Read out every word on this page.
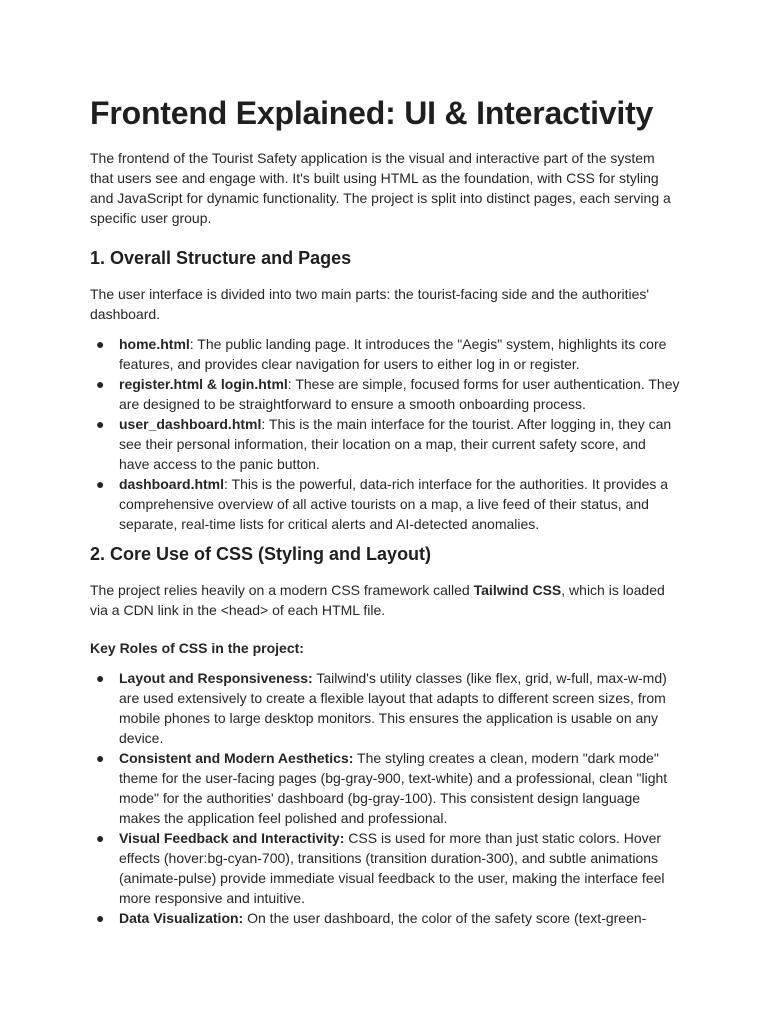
Frontend Explained: UI & Interactivity

The frontend of the Tourist Safety application is the visual and interactive part of the system that users see and engage with. It's built using HTML as the foundation, with CSS for styling and JavaScript for dynamic functionality. The project is split into distinct pages, each serving a specific user group.

1. Overall Structure and Pages

The user interface is divided into two main parts: the tourist-facing side and the authorities' dashboard.

● home.html: The public landing page. It introduces the "Aegis" system, highlights its core features, and provides clear navigation for users to either log in or register.
● register.html & login.html: These are simple, focused forms for user authentication. They are designed to be straightforward to ensure a smooth onboarding process.
● user_dashboard.html: This is the main interface for the tourist. After logging in, they can see their personal information, their location on a map, their current safety score, and have access to the panic button.
● dashboard.html: This is the powerful, data-rich interface for the authorities. It provides a comprehensive overview of all active tourists on a map, a live feed of their status, and separate, real-time lists for critical alerts and AI-detected anomalies.
2. Core Use of CSS (Styling and Layout)

The project relies heavily on a modern CSS framework called Tailwind CSS, which is loaded via a CDN link in the <head> of each HTML file.

Key Roles of CSS in the project:

● Layout and Responsiveness: Tailwind's utility classes (like flex, grid, w-full, max-w-md) are used extensively to create a flexible layout that adapts to different screen sizes, from mobile phones to large desktop monitors. This ensures the application is usable on any device.
● Consistent and Modern Aesthetics: The styling creates a clean, modern "dark mode" theme for the user-facing pages (bg-gray-900, text-white) and a professional, clean "light mode" for the authorities' dashboard (bg-gray-100). This consistent design language makes the application feel polished and professional.
● Visual Feedback and Interactivity: CSS is used for more than just static colors. Hover effects (hover:bg-cyan-700), transitions (transition duration-300), and subtle animations (animate-pulse) provide immediate visual feedback to the user, making the interface feel more responsive and intuitive.
● Data Visualization: On the user dashboard, the color of the safety score (text-green-
